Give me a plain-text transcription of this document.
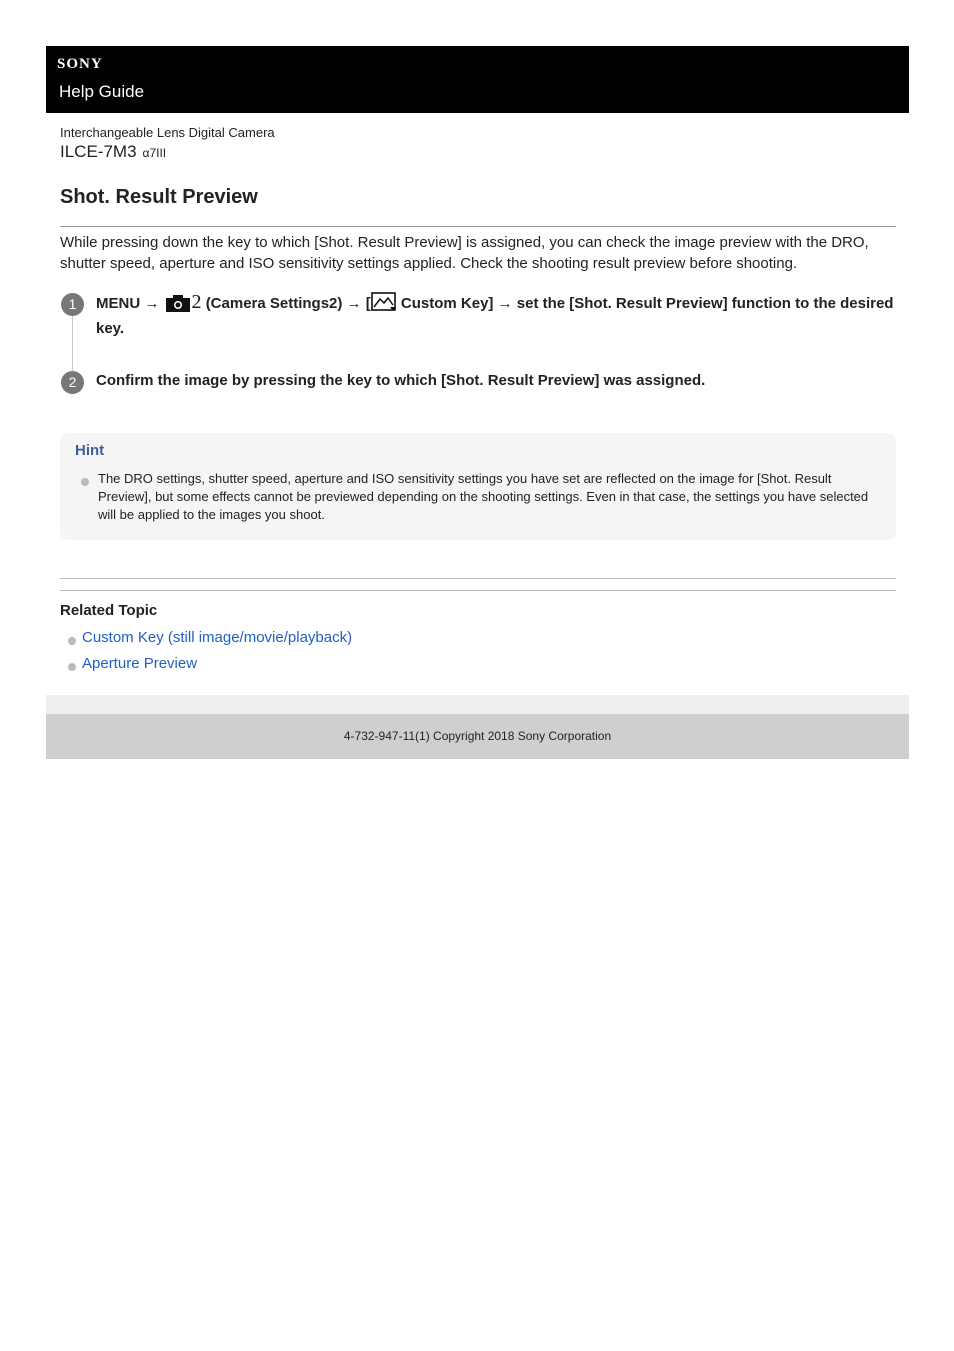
SONY
Help Guide
Interchangeable Lens Digital Camera
ILCE-7M3 α7III
Shot. Result Preview
While pressing down the key to which [Shot. Result Preview] is assigned, you can check the image preview with the DRO, shutter speed, aperture and ISO sensitivity settings applied. Check the shooting result preview before shooting.
1	MENU → 2 (Camera Settings2) → [ Custom Key] → set the [Shot. Result Preview] function to the desired key.
2	Confirm the image by pressing the key to which [Shot. Result Preview] was assigned.
Hint
The DRO settings, shutter speed, aperture and ISO sensitivity settings you have set are reflected on the image for [Shot. Result Preview], but some effects cannot be previewed depending on the shooting settings. Even in that case, the settings you have selected will be applied to the images you shoot.
Related Topic
Custom Key (still image/movie/playback)
Aperture Preview
4-732-947-11(1) Copyright 2018 Sony Corporation
